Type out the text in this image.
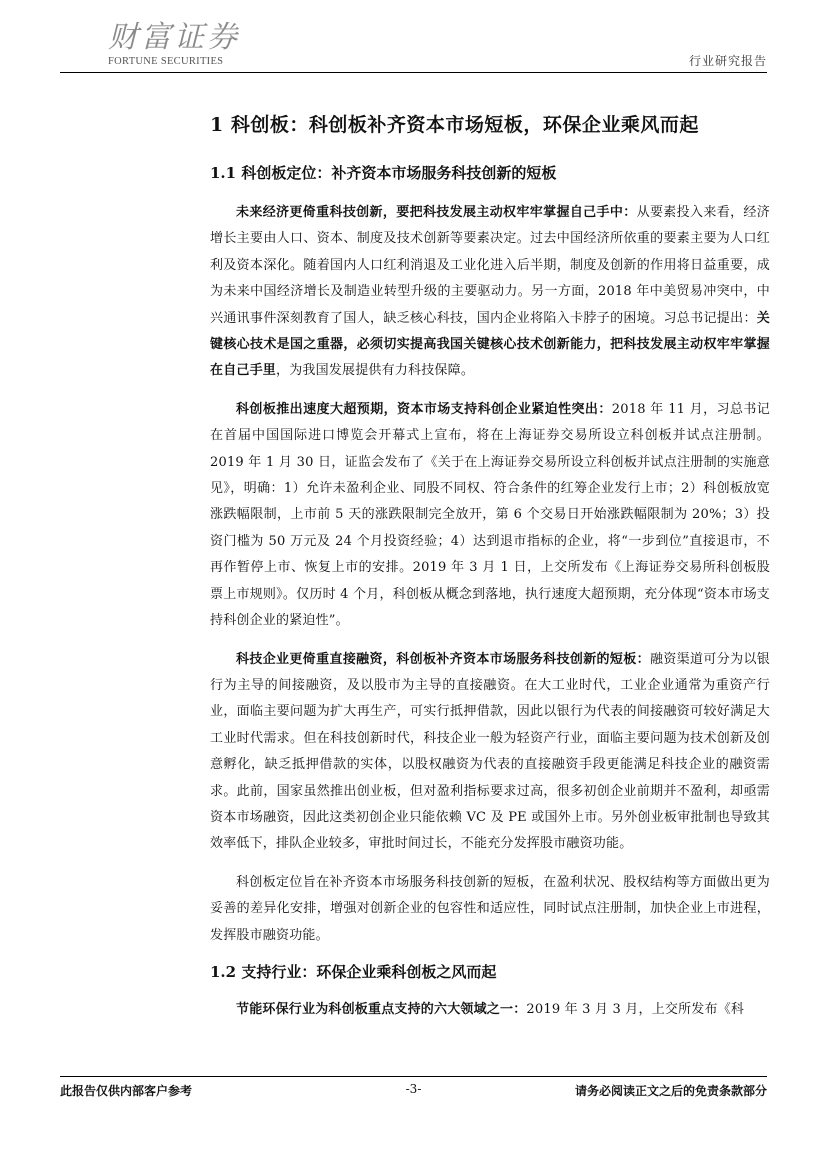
财富证券
FORTUNE SECURITIES	行业研究报告
1 科创板：科创板补齐资本市场短板，环保企业乘风而起
1.1 科创板定位：补齐资本市场服务科技创新的短板

未来经济更倚重科技创新，要把科技发展主动权牢牢掌握自己手中：从要素投入来看，经济增长主要由人口、资本、制度及技术创新等要素决定。过去中国经济所依重的要素主要为人口红利及资本深化。随着国内人口红利消退及工业化进入后半期，制度及创新的作用将日益重要，成为未来中国经济增长及制造业转型升级的主要驱动力。另一方面，2018 年中美贸易冲突中，中兴通讯事件深刻教育了国人，缺乏核心科技，国内企业将陷入卡脖子的困境。习总书记提出：关键核心技术是国之重器，必须切实提高我国关键核心技术创新能力，把科技发展主动权牢牢掌握在自己手里，为我国发展提供有力科技保障。

科创板推出速度大超预期，资本市场支持科创企业紧迫性突出：2018 年 11 月，习总书记在首届中国国际进口博览会开幕式上宣布，将在上海证券交易所设立科创板并试点注册制。2019 年 1 月 30 日，证监会发布了《关于在上海证券交易所设立科创板并试点注册制的实施意见》，明确：1）允许未盈利企业、同股不同权、符合条件的红筹企业发行上市；2）科创板放宽涨跌幅限制，上市前 5 天的涨跌限制完全放开，第 6 个交易日开始涨跌幅限制为 20%；3）投资门槛为 50 万元及 24 个月投资经验；4）达到退市指标的企业，将“一步到位”直接退市，不再作暂停上市、恢复上市的安排。2019 年 3 月 1 日，上交所发布《上海证券交易所科创板股票上市规则》。仅历时 4 个月，科创板从概念到落地，执行速度大超预期，充分体现“资本市场支持科创企业的紧迫性”。

科技企业更倚重直接融资，科创板补齐资本市场服务科技创新的短板：融资渠道可分为以银行为主导的间接融资，及以股市为主导的直接融资。在大工业时代，工业企业通常为重资产行业，面临主要问题为扩大再生产，可实行抵押借款，因此以银行为代表的间接融资可较好满足大工业时代需求。但在科技创新时代，科技企业一般为轻资产行业，面临主要问题为技术创新及创意孵化，缺乏抵押借款的实体，以股权融资为代表的直接融资手段更能满足科技企业的融资需求。此前，国家虽然推出创业板，但对盈利指标要求过高，很多初创企业前期并不盈利，却亟需资本市场融资，因此这类初创企业只能依赖 VC 及 PE 或国外上市。另外创业板审批制也导致其效率低下，排队企业较多，审批时间过长，不能充分发挥股市融资功能。

科创板定位旨在补齐资本市场服务科技创新的短板，在盈利状况、股权结构等方面做出更为妥善的差异化安排，增强对创新企业的包容性和适应性，同时试点注册制，加快企业上市进程，发挥股市融资功能。

1.2 支持行业：环保企业乘科创板之风而起

节能环保行业为科创板重点支持的六大领域之一：2019 年 3 月 3 月，上交所发布《科

此报告仅供内部客户参考	-3-	请务必阅读正文之后的免责条款部分
